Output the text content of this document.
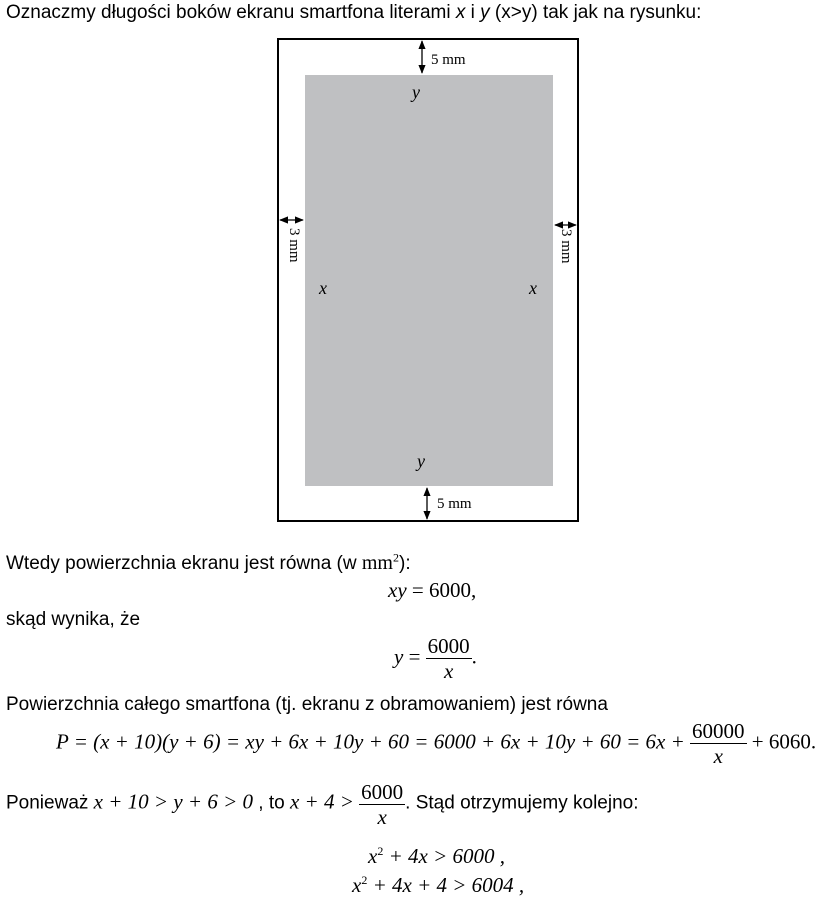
Oznaczmy długości boków ekranu smartfona literami x i y (x>y) tak jak na rysunku:
5 mm
5 mm
3 mm	3 mm
y
y
x	x
Wtedy powierzchnia ekranu jest równa (w $mm^2$):
xy = 6000,
skąd wynika, że
$y = \frac{6000}{x}$ .
Powierzchnia całego smartfona (tj. ekranu z obramowaniem) jest równa
P = (x + 10)(y + 6) = xy + $6x + 10y + 60 = 6000 + 6x + 10y + 60 = 6x + \frac{60000}{x} + 6060$.
Ponieważ x + 10 > y + 6 > 0 , to $x + 4 > \frac{6000}{x}$ . Stąd otrzymujemy kolejno:
$x^2 + 4x > 6000$ ,
$x^2 + 4x + 4 > 6004$ ,
